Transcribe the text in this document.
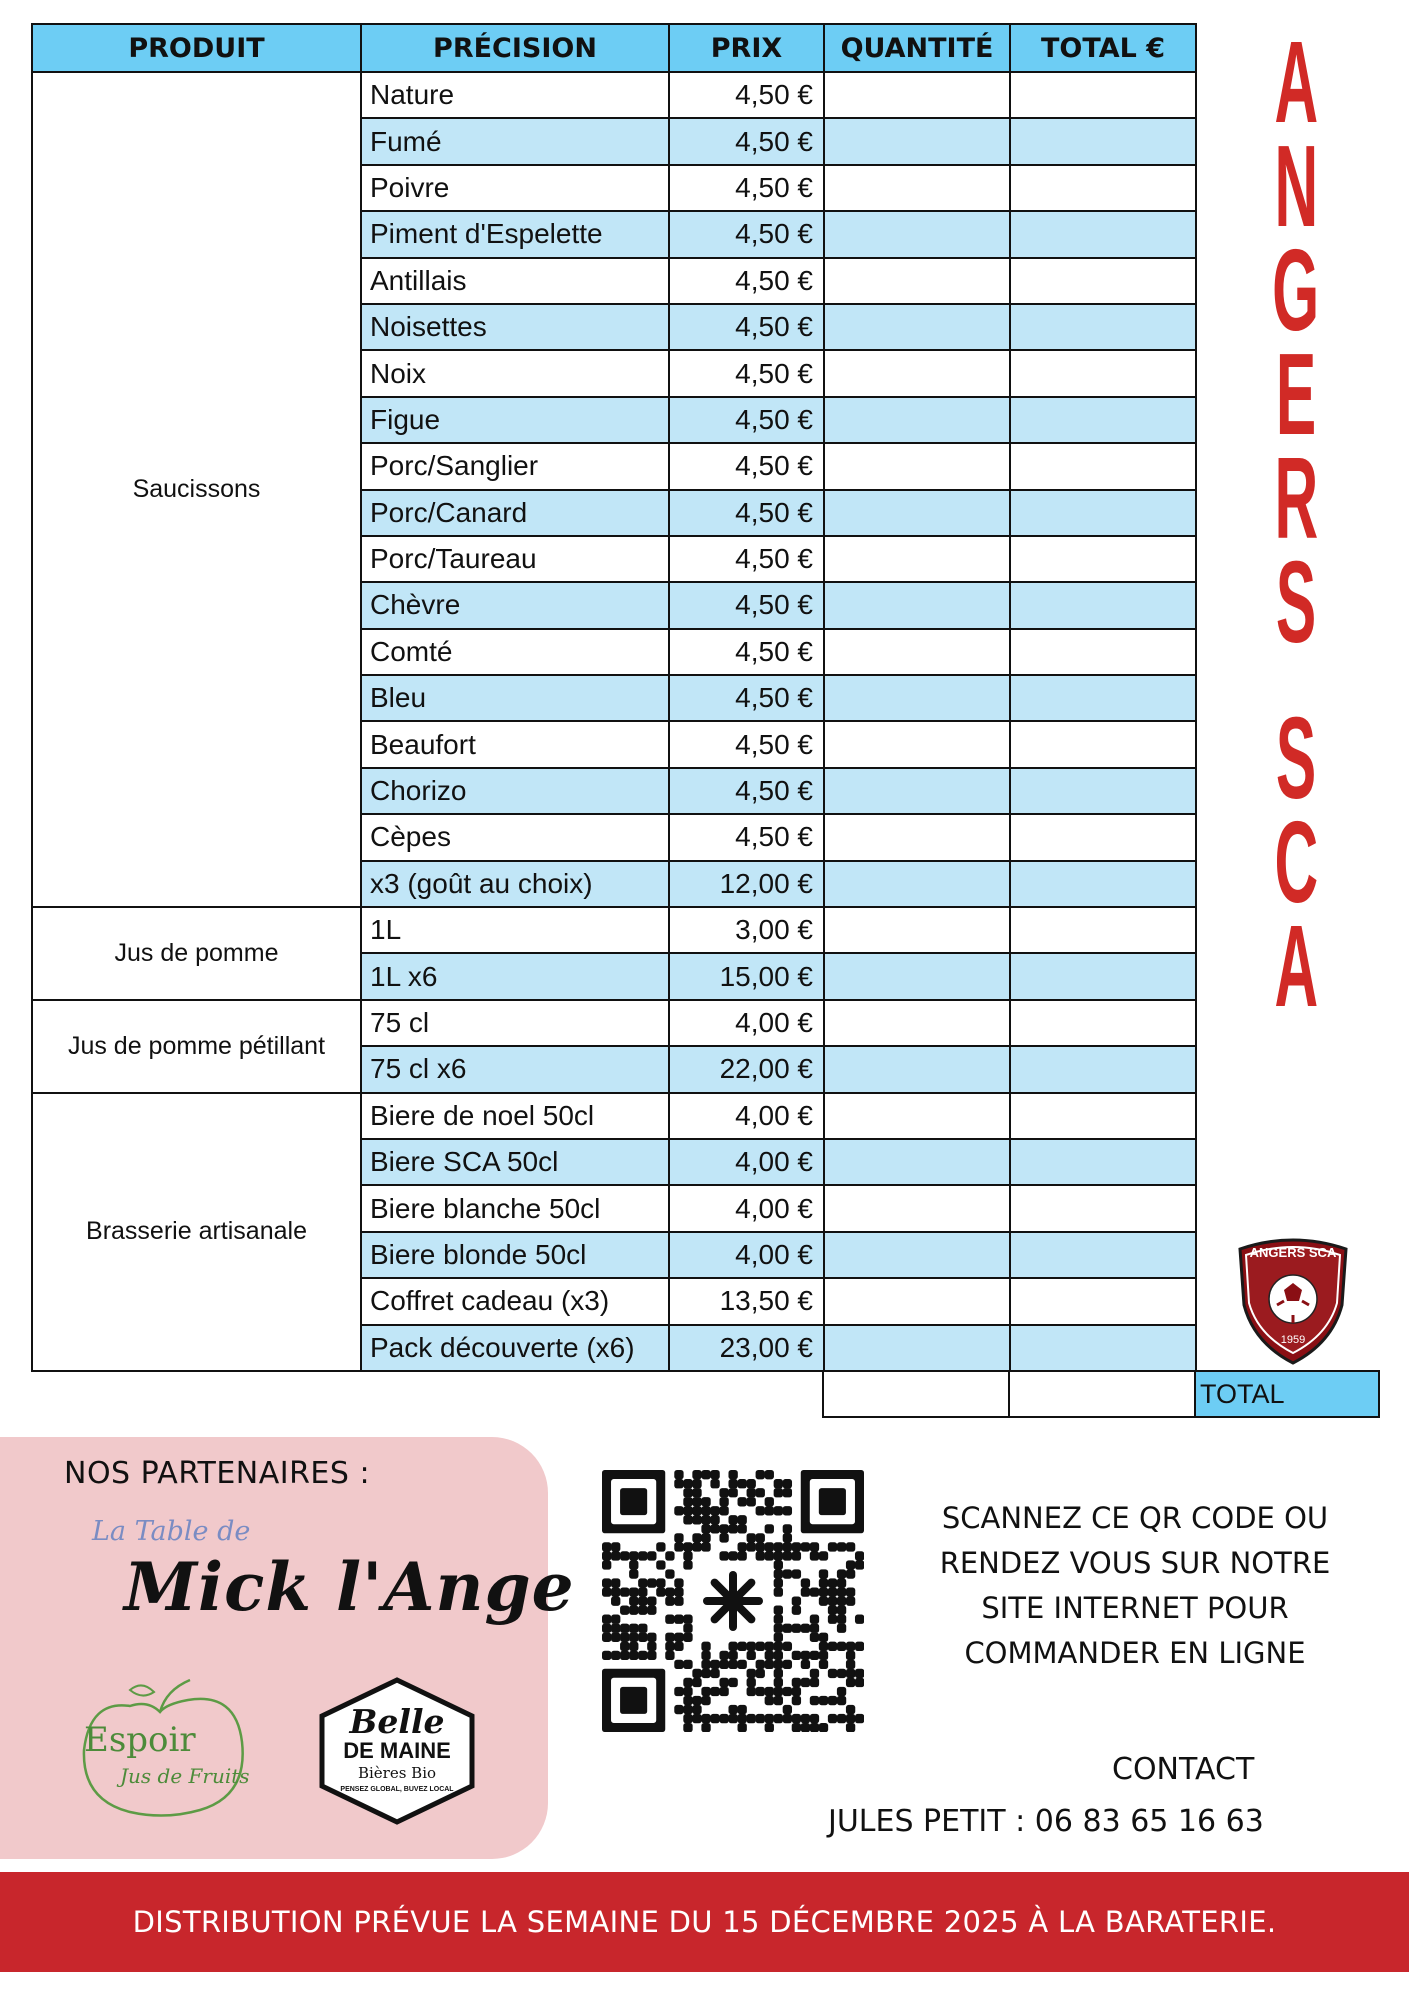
PRODUIT	PRÉCISION	PRIX	QUANTITÉ	TOTAL €
Saucissons	Nature	4,50 €		
	Fumé	4,50 €		
	Poivre	4,50 €		
	Piment d'Espelette	4,50 €		
	Antillais	4,50 €		
	Noisettes	4,50 €		
	Noix	4,50 €		
	Figue	4,50 €		
	Porc/Sanglier	4,50 €		
	Porc/Canard	4,50 €		
	Porc/Taureau	4,50 €		
	Chèvre	4,50 €		
	Comté	4,50 €		
	Bleu	4,50 €		
	Beaufort	4,50 €		
	Chorizo	4,50 €		
	Cèpes	4,50 €		
	x3 (goût au choix)	12,00 €		
Jus de pomme	1L	3,00 €		
	1L x6	15,00 €		
Jus de pomme pétillant	75 cl	4,00 €		
	75 cl x6	22,00 €		
Brasserie artisanale	Biere de noel 50cl	4,00 €		
	Biere SCA 50cl	4,00 €		
	Biere blanche 50cl	4,00 €		
	Biere blonde 50cl	4,00 €		
	Coffret cadeau (x3)	13,50 €		
	Pack découverte (x6)	23,00 €		
TOTAL
A
N
G
E
R
S
S
C
A
ANGERS SCA
1959
NOS PARTENAIRES :
La Table de
Mick l'Ange
Espoir
Jus de Fruits
Belle
DE MAINE
Bières Bio
PENSEZ GLOBAL, BUVEZ LOCAL
SCANNEZ CE QR CODE OU
RENDEZ VOUS SUR NOTRE
SITE INTERNET POUR
COMMANDER EN LIGNE
CONTACT
JULES PETIT : 06 83 65 16 63
DISTRIBUTION PRÉVUE LA SEMAINE DU 15 DÉCEMBRE 2025 À LA BARATERIE.
